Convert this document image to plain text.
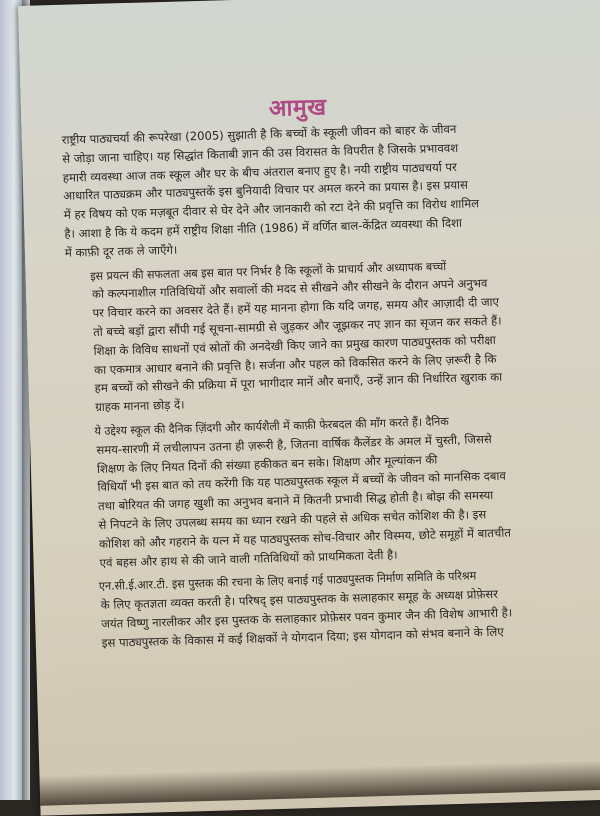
आमुख

राष्ट्रीय पाठ्यचर्या की रूपरेखा (2005) सुझाती है कि बच्चों के स्कूली जीवन को बाहर के जीवन
से जोड़ा जाना चाहिए। यह सिद्धांत किताबी ज्ञान की उस विरासत के विपरीत है जिसके प्रभाववश
हमारी व्यवस्था आज तक स्कूल और घर के बीच अंतराल बनाए हुए है। नयी राष्ट्रीय पाठ्यचर्या पर
आधारित पाठ्यक्रम और पाठ्यपुस्तकें इस बुनियादी विचार पर अमल करने का प्रयास है। इस प्रयास
में हर विषय को एक मज़बूत दीवार से घेर देने और जानकारी को रटा देने की प्रवृत्ति का विरोध शामिल
है। आशा है कि ये कदम हमें राष्ट्रीय शिक्षा नीति (1986) में वर्णित बाल-केंद्रित व्यवस्था की दिशा
में काफ़ी दूर तक ले जाएँगे।

इस प्रयत्न की सफलता अब इस बात पर निर्भर है कि स्कूलों के प्राचार्य और अध्यापक बच्चों
को कल्पनाशील गतिविधियों और सवालों की मदद से सीखने और सीखने के दौरान अपने अनुभव
पर विचार करने का अवसर देते हैं। हमें यह मानना होगा कि यदि जगह, समय और आज़ादी दी जाए
तो बच्चे बड़ों द्वारा सौंपी गई सूचना-सामग्री से जुड़कर और जूझकर नए ज्ञान का सृजन कर सकते हैं।
शिक्षा के विविध साधनों एवं स्रोतों की अनदेखी किए जाने का प्रमुख कारण पाठ्यपुस्तक को परीक्षा
का एकमात्र आधार बनाने की प्रवृत्ति है। सर्जना और पहल को विकसित करने के लिए ज़रूरी है कि
हम बच्चों को सीखने की प्रक्रिया में पूरा भागीदार मानें और बनाएँ, उन्हें ज्ञान की निर्धारित खुराक का
ग्राहक मानना छोड़ दें।

ये उद्देश्य स्कूल की दैनिक ज़िंदगी और कार्यशैली में काफ़ी फेरबदल की माँग करते हैं। दैनिक
समय-सारणी में लचीलापन उतना ही ज़रूरी है, जितना वार्षिक कैलेंडर के अमल में चुस्ती, जिससे
शिक्षण के लिए नियत दिनों की संख्या हकीकत बन सके। शिक्षण और मूल्यांकन की
विधियाँ भी इस बात को तय करेंगी कि यह पाठ्यपुस्तक स्कूल में बच्चों के जीवन को मानसिक दबाव
तथा बोरियत की जगह खुशी का अनुभव बनाने में कितनी प्रभावी सिद्ध होती है। बोझ की समस्या
से निपटने के लिए उपलब्ध समय का ध्यान रखने की पहले से अधिक सचेत कोशिश की है। इस
कोशिश को और गहराने के यत्न में यह पाठ्यपुस्तक सोच-विचार और विस्मय, छोटे समूहों में बातचीत
एवं बहस और हाथ से की जाने वाली गतिविधियों को प्राथमिकता देती है।

एन.सी.ई.आर.टी. इस पुस्तक की रचना के लिए बनाई गई पाठ्यपुस्तक निर्माण समिति के परिश्रम
के लिए कृतज्ञता व्यक्त करती है। परिषद् इस पाठ्यपुस्तक के सलाहकार समूह के अध्यक्ष प्रोफ़ेसर
जयंत विष्णु नारलीकर और इस पुस्तक के सलाहकार प्रोफ़ेसर पवन कुमार जैन की विशेष आभारी है।
इस पाठ्यपुस्तक के विकास में कई शिक्षकों ने योगदान दिया; इस योगदान को संभव बनाने के लिए
